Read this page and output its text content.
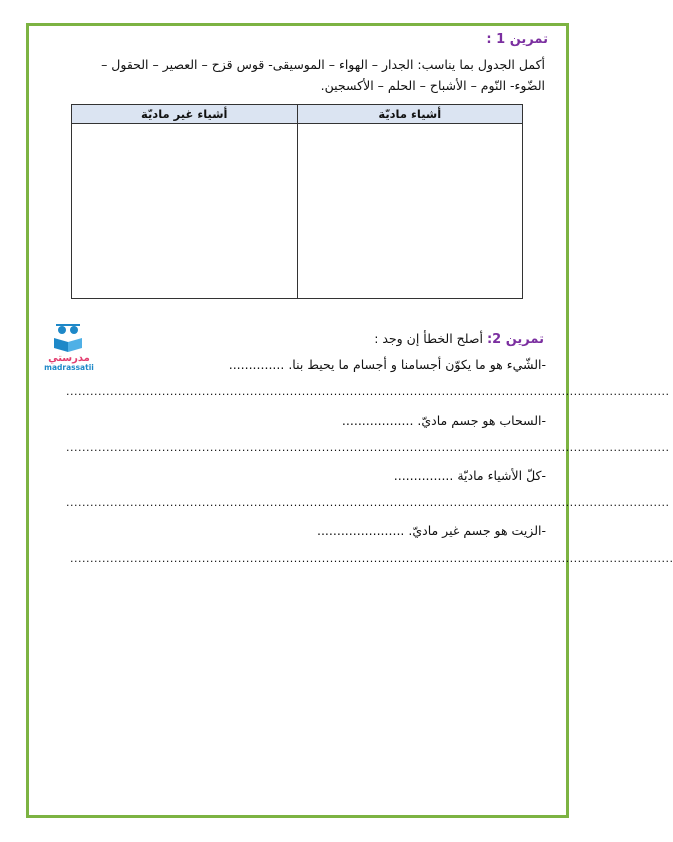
تمرين 1 :
أكمل الجدول بما يناسب: الجدار – الهواء – الموسيقى- قوس قزح – العصير – الحقول –
الضّوء- النّوم – الأشباح – الحلم – الأكسجين.
أشياء ماديّة	أشياء غير ماديّة

مدرستي
madrassatii
تمرين 2: أصلح الخطأ إن وجد :
-الشّيء هو ما يكوّن أجسامنا و أجسام ما يحيط بنا. ..............
.......................................................................................................................................................
-السحاب هو جسم ماديّ. ..................
.......................................................................................................................................................
-كلّ الأشياء ماديّة ...............
.......................................................................................................................................................
-الزيت هو جسم غير ماديّ. ......................
.......................................................................................................................................................
